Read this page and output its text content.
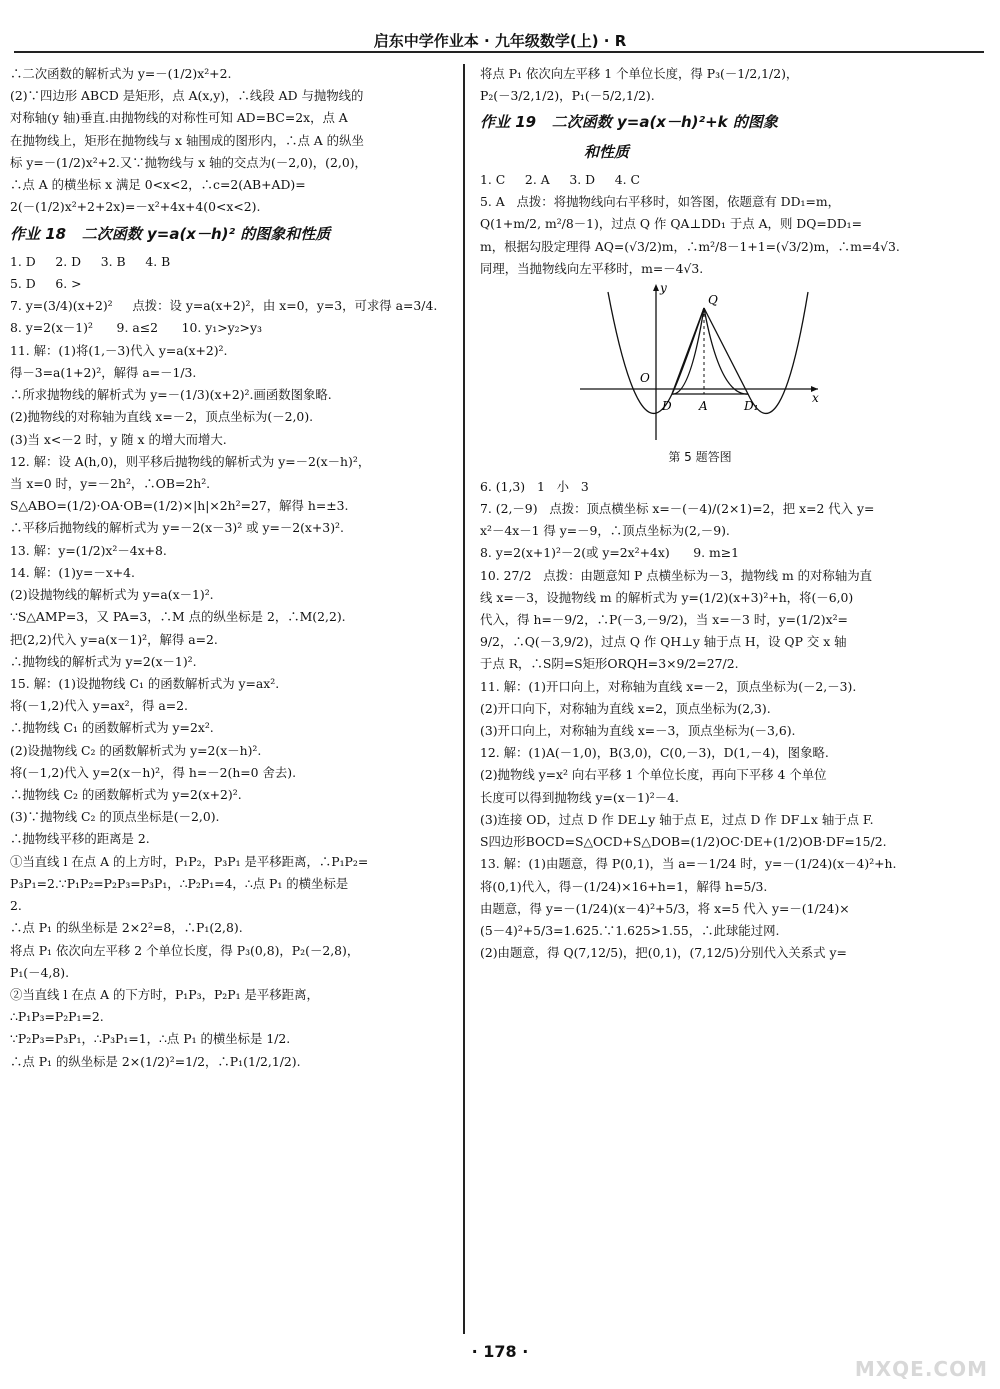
启东中学作业本 · 九年级数学(上) · R
∴二次函数的解析式为 y=－(1/2)x²+2.
(2)∵四边形 ABCD 是矩形，点 A(x,y)，∴线段 AD 与抛物线的
对称轴(y 轴)垂直.由抛物线的对称性可知 AD=BC=2x，点 A
在抛物线上，矩形在抛物线与 x 轴围成的图形内，∴点 A 的纵坐
标 y=－(1/2)x²+2.又∵抛物线与 x 轴的交点为(－2,0)，(2,0)，
∴点 A 的横坐标 x 满足 0<x<2，∴c=2(AB+AD)=
2(－(1/2)x²+2+2x)=－x²+4x+4(0<x<2).
作业 18   二次函数 y=a(x－h)² 的图象和性质
1. D     2. D     3. B     4. B
5. D     6. >
7. y=(3/4)(x+2)²     点拨：设 y=a(x+2)²，由 x=0，y=3，可求得 a=3/4.
8. y=2(x－1)²      9. a≤2      10. y₁>y₂>y₃
11. 解：(1)将(1,－3)代入 y=a(x+2)².
得－3=a(1+2)²，解得 a=－1/3.
∴所求抛物线的解析式为 y=－(1/3)(x+2)².画函数图象略.
(2)抛物线的对称轴为直线 x=－2，顶点坐标为(－2,0).
(3)当 x<－2 时，y 随 x 的增大而增大.
12. 解：设 A(h,0)，则平移后抛物线的解析式为 y=－2(x－h)²，
当 x=0 时，y=－2h²，∴OB=2h².
S△ABO=(1/2)·OA·OB=(1/2)×|h|×2h²=27，解得 h=±3.
∴平移后抛物线的解析式为 y=－2(x－3)² 或 y=－2(x+3)².
13. 解：y=(1/2)x²－4x+8.
14. 解：(1)y=－x+4.
(2)设抛物线的解析式为 y=a(x－1)².
∵S△AMP=3，又 PA=3，∴M 点的纵坐标是 2，∴M(2,2).
把(2,2)代入 y=a(x－1)²，解得 a=2.
∴抛物线的解析式为 y=2(x－1)².
15. 解：(1)设抛物线 C₁ 的函数解析式为 y=ax².
将(－1,2)代入 y=ax²，得 a=2.
∴抛物线 C₁ 的函数解析式为 y=2x².
(2)设抛物线 C₂ 的函数解析式为 y=2(x－h)².
将(－1,2)代入 y=2(x－h)²，得 h=－2(h=0 舍去).
∴抛物线 C₂ 的函数解析式为 y=2(x+2)².
(3)∵抛物线 C₂ 的顶点坐标是(－2,0).
∴抛物线平移的距离是 2.
①当直线 l 在点 A 的上方时，P₁P₂，P₃P₁ 是平移距离，∴P₁P₂=
P₃P₁=2.∵P₁P₂=P₂P₃=P₃P₁，∴P₂P₁=4，∴点 P₁ 的横坐标是
2.
∴点 P₁ 的纵坐标是 2×2²=8，∴P₁(2,8).
将点 P₁ 依次向左平移 2 个单位长度，得 P₃(0,8)，P₂(－2,8)，
P₁(－4,8).
②当直线 l 在点 A 的下方时，P₁P₃，P₂P₁ 是平移距离，
∴P₁P₃=P₂P₁=2.
∵P₂P₃=P₃P₁，∴P₃P₁=1，∴点 P₁ 的横坐标是 1/2.
∴点 P₁ 的纵坐标是 2×(1/2)²=1/2，∴P₁(1/2,1/2).
将点 P₁ 依次向左平移 1 个单位长度，得 P₃(－1/2,1/2)，
P₂(－3/2,1/2)，P₁(－5/2,1/2).
作业 19   二次函数 y=a(x－h)²+k 的图象
和性质
1. C     2. A     3. D     4. C
5. A   点拨：将抛物线向右平移时，如答图，依题意有 DD₁=m，
Q(1+m/2, m²/8－1)，过点 Q 作 QA⊥DD₁ 于点 A，则 DQ=DD₁=
m，根据勾股定理得 AQ=(√3/2)m，∴m²/8－1+1=(√3/2)m，∴m=4√3.
同理，当抛物线向左平移时，m=－4√3.
y
x
Q
O
D A	D₁
第 5 题答图
6. (1,3)   1   小   3
7. (2,－9)   点拨：顶点横坐标 x=－(－4)/(2×1)=2，把 x=2 代入 y=
x²－4x－1 得 y=－9，∴顶点坐标为(2,－9).
8. y=2(x+1)²－2(或 y=2x²+4x)      9. m≥1
10. 27/2   点拨：由题意知 P 点横坐标为－3，抛物线 m 的对称轴为直
线 x=－3，设抛物线 m 的解析式为 y=(1/2)(x+3)²+h，将(－6,0)
代入，得 h=－9/2，∴P(－3,－9/2)，当 x=－3 时，y=(1/2)x²=
9/2，∴Q(－3,9/2)，过点 Q 作 QH⊥y 轴于点 H，设 QP 交 x 轴
于点 R，∴S阴=S矩形ORQH=3×9/2=27/2.
11. 解：(1)开口向上，对称轴为直线 x=－2，顶点坐标为(－2,－3).
(2)开口向下，对称轴为直线 x=2，顶点坐标为(2,3).
(3)开口向上，对称轴为直线 x=－3，顶点坐标为(－3,6).
12. 解：(1)A(－1,0)，B(3,0)，C(0,－3)，D(1,－4)，图象略.
(2)抛物线 y=x² 向右平移 1 个单位长度，再向下平移 4 个单位
长度可以得到抛物线 y=(x－1)²－4.
(3)连接 OD，过点 D 作 DE⊥y 轴于点 E，过点 D 作 DF⊥x 轴于点 F.
S四边形BOCD=S△OCD+S△DOB=(1/2)OC·DE+(1/2)OB·DF=15/2.
13. 解：(1)由题意，得 P(0,1)，当 a=－1/24 时，y=－(1/24)(x－4)²+h.
将(0,1)代入，得－(1/24)×16+h=1，解得 h=5/3.
由题意，得 y=－(1/24)(x－4)²+5/3，将 x=5 代入 y=－(1/24)×
(5－4)²+5/3=1.625.∵1.625>1.55，∴此球能过网.
(2)由题意，得 Q(7,12/5)，把(0,1)，(7,12/5)分别代入关系式 y=
· 178 ·
MXQE.COM
